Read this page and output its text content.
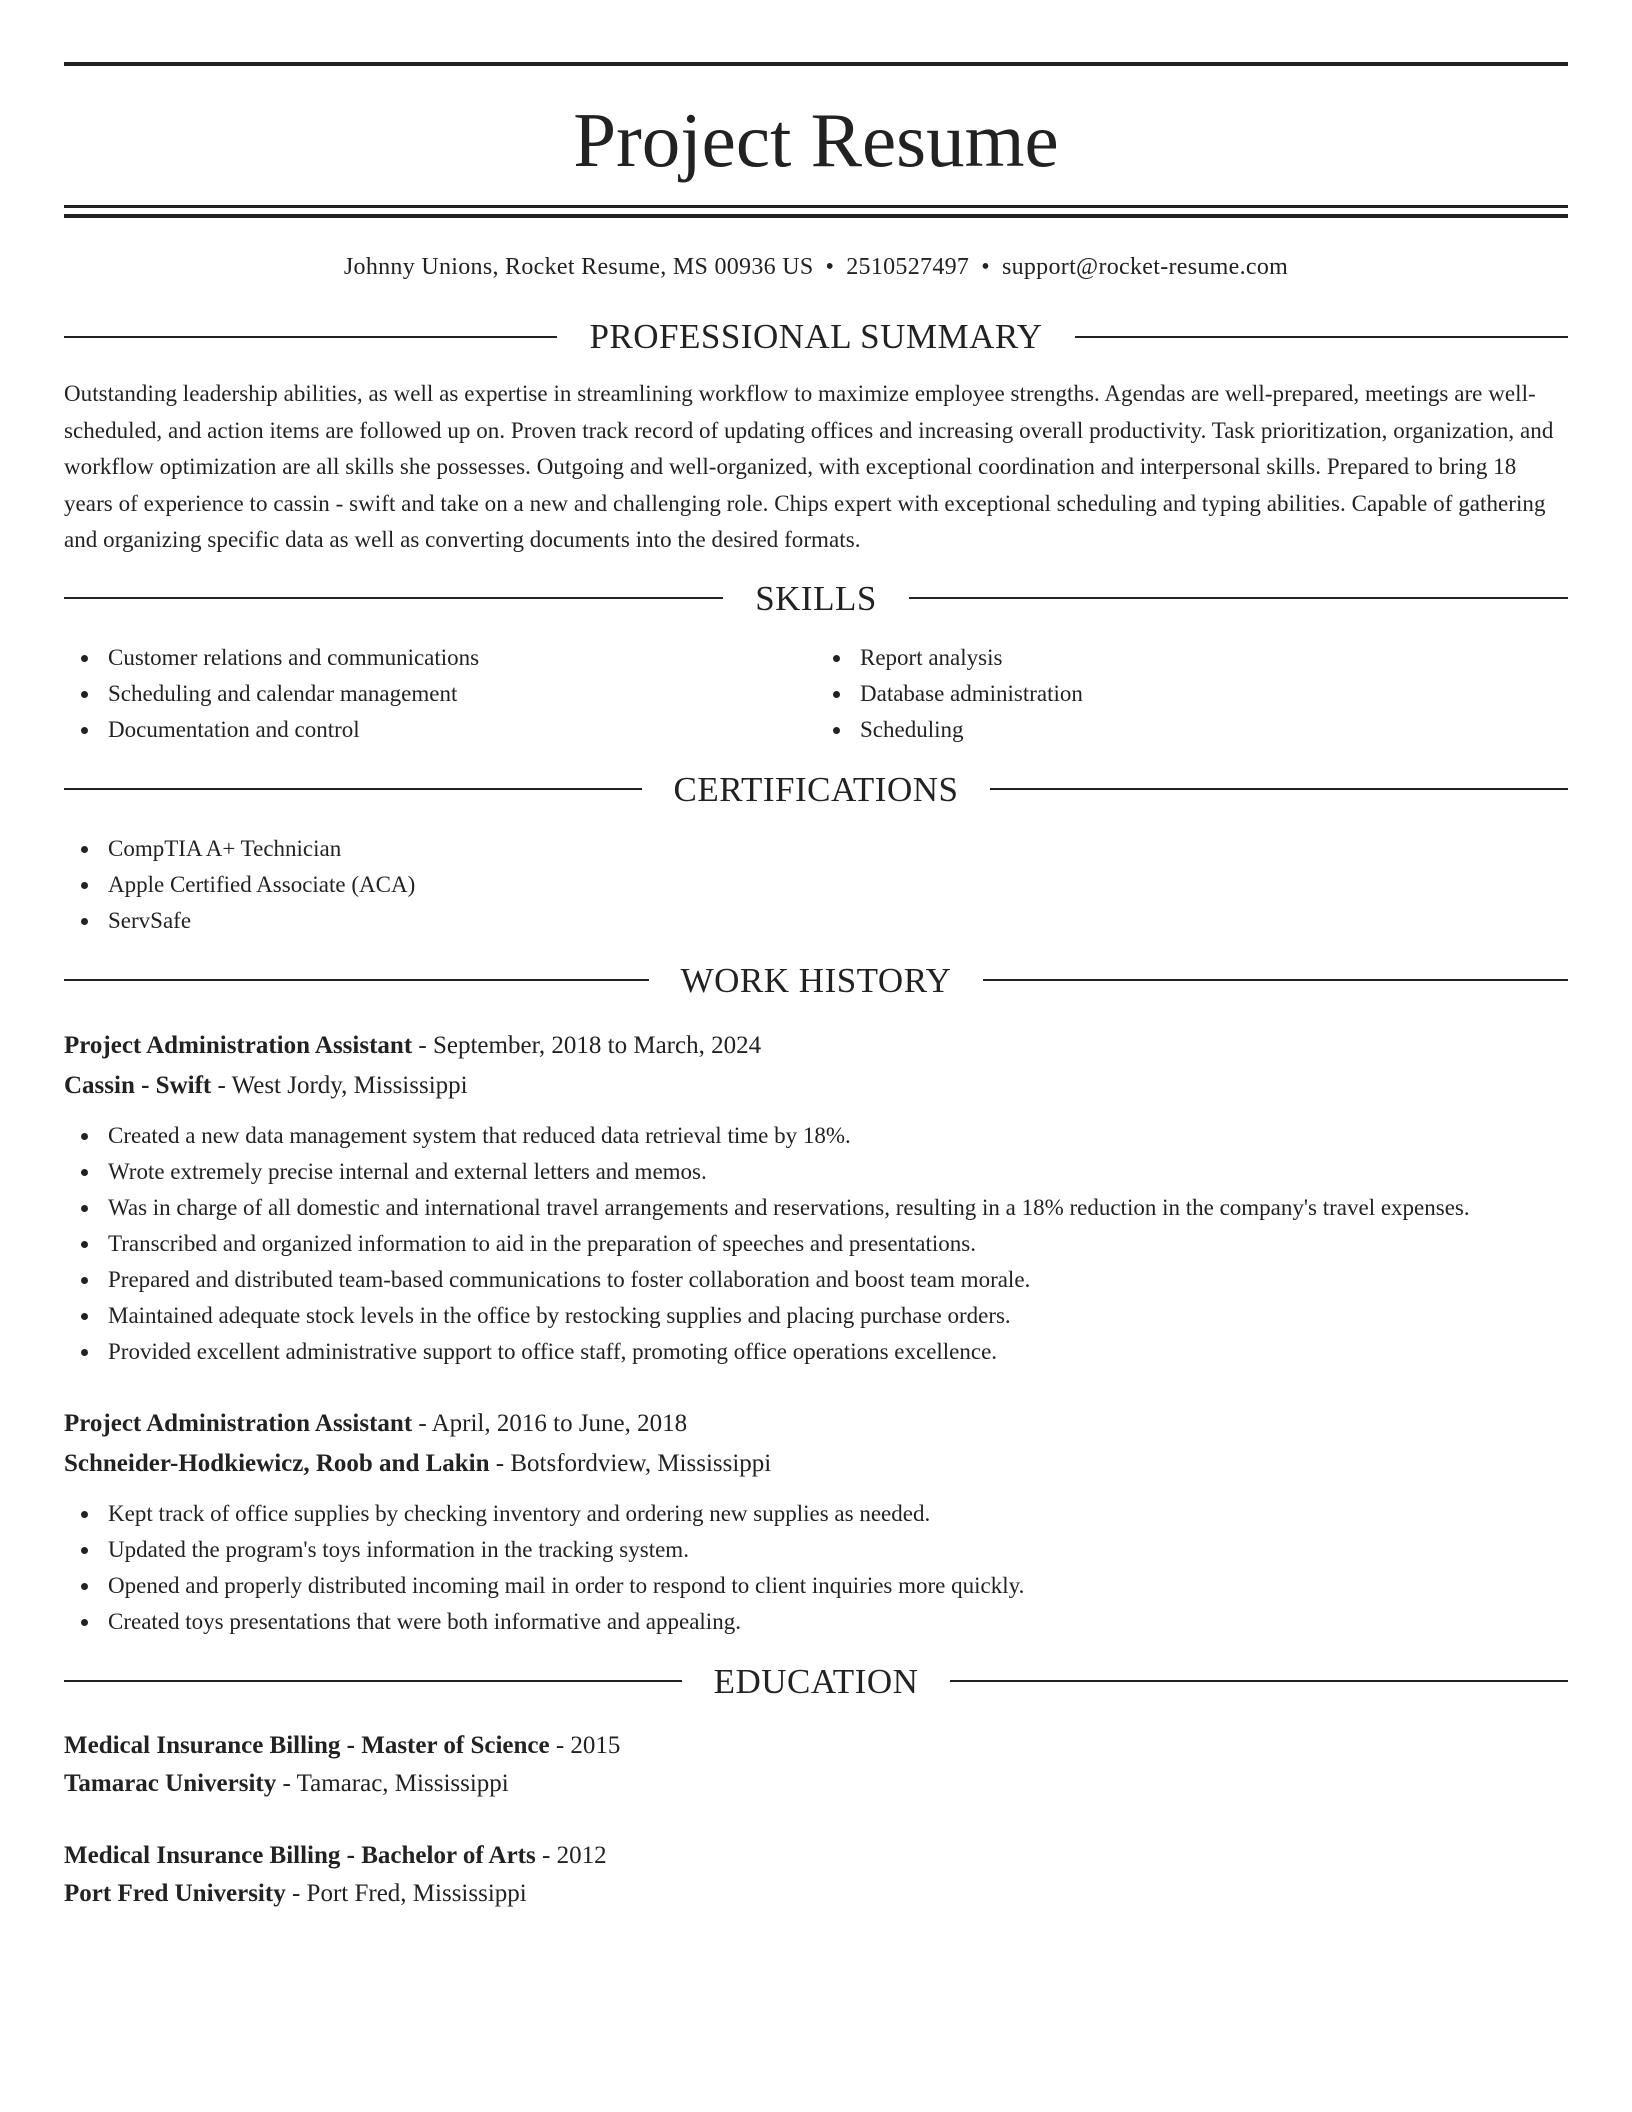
Project Resume
Johnny Unions, Rocket Resume, MS 00936 US • 2510527497 • support@rocket-resume.com
PROFESSIONAL SUMMARY
Outstanding leadership abilities, as well as expertise in streamlining workflow to maximize employee strengths. Agendas are well-prepared, meetings are well-scheduled, and action items are followed up on. Proven track record of updating offices and increasing overall productivity. Task prioritization, organization, and workflow optimization are all skills she possesses. Outgoing and well-organized, with exceptional coordination and interpersonal skills. Prepared to bring 18 years of experience to cassin - swift and take on a new and challenging role. Chips expert with exceptional scheduling and typing abilities. Capable of gathering and organizing specific data as well as converting documents into the desired formats.
SKILLS
Customer relations and communications
Scheduling and calendar management
Documentation and control
Report analysis
Database administration
Scheduling
CERTIFICATIONS
CompTIA A+ Technician
Apple Certified Associate (ACA)
ServSafe
WORK HISTORY
Project Administration Assistant - September, 2018 to March, 2024
Cassin - Swift - West Jordy, Mississippi
Created a new data management system that reduced data retrieval time by 18%.
Wrote extremely precise internal and external letters and memos.
Was in charge of all domestic and international travel arrangements and reservations, resulting in a 18% reduction in the company's travel expenses.
Transcribed and organized information to aid in the preparation of speeches and presentations.
Prepared and distributed team-based communications to foster collaboration and boost team morale.
Maintained adequate stock levels in the office by restocking supplies and placing purchase orders.
Provided excellent administrative support to office staff, promoting office operations excellence.
Project Administration Assistant - April, 2016 to June, 2018
Schneider-Hodkiewicz, Roob and Lakin - Botsfordview, Mississippi
Kept track of office supplies by checking inventory and ordering new supplies as needed.
Updated the program's toys information in the tracking system.
Opened and properly distributed incoming mail in order to respond to client inquiries more quickly.
Created toys presentations that were both informative and appealing.
EDUCATION
Medical Insurance Billing - Master of Science - 2015
Tamarac University - Tamarac, Mississippi
Medical Insurance Billing - Bachelor of Arts - 2012
Port Fred University - Port Fred, Mississippi
